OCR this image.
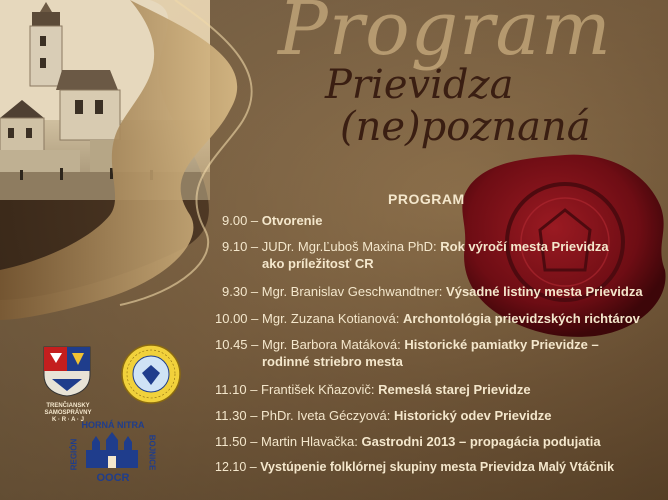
Program
Prievidza
(ne)poznaná
PROGRAM
9.00 – Otvorenie
9.10 – JUDr. Mgr.Ľuboš Maxina PhD: Rok výročí mesta Prievidza
ako príležitosť CR
9.30 – Mgr. Branislav Geschwandtner: Výsadné listiny mesta Prievidza
10.00 – Mgr. Zuzana Kotianová: Archontológia prievidzských richtárov
10.45 – Mgr. Barbora Matáková: Historické pamiatky Prievidze –
rodinné striebro mesta
11.10 – František Kňazovič: Remeslá starej Prievidze
11.30 – PhDr. Iveta Géczyová: Historický odev Prievidze
11.50 – Martin Hlavačka: Gastrodni 2013 – propagácia podujatia
12.10 – Vystúpenie folklórnej skupiny mesta Prievidza Malý Vtáčnik
TRENČIANSKY
SAMOSPRÁVNY
K · R · A · J
HORNÁ NITRA
REGIÓN	BOJNICE
OOCR
